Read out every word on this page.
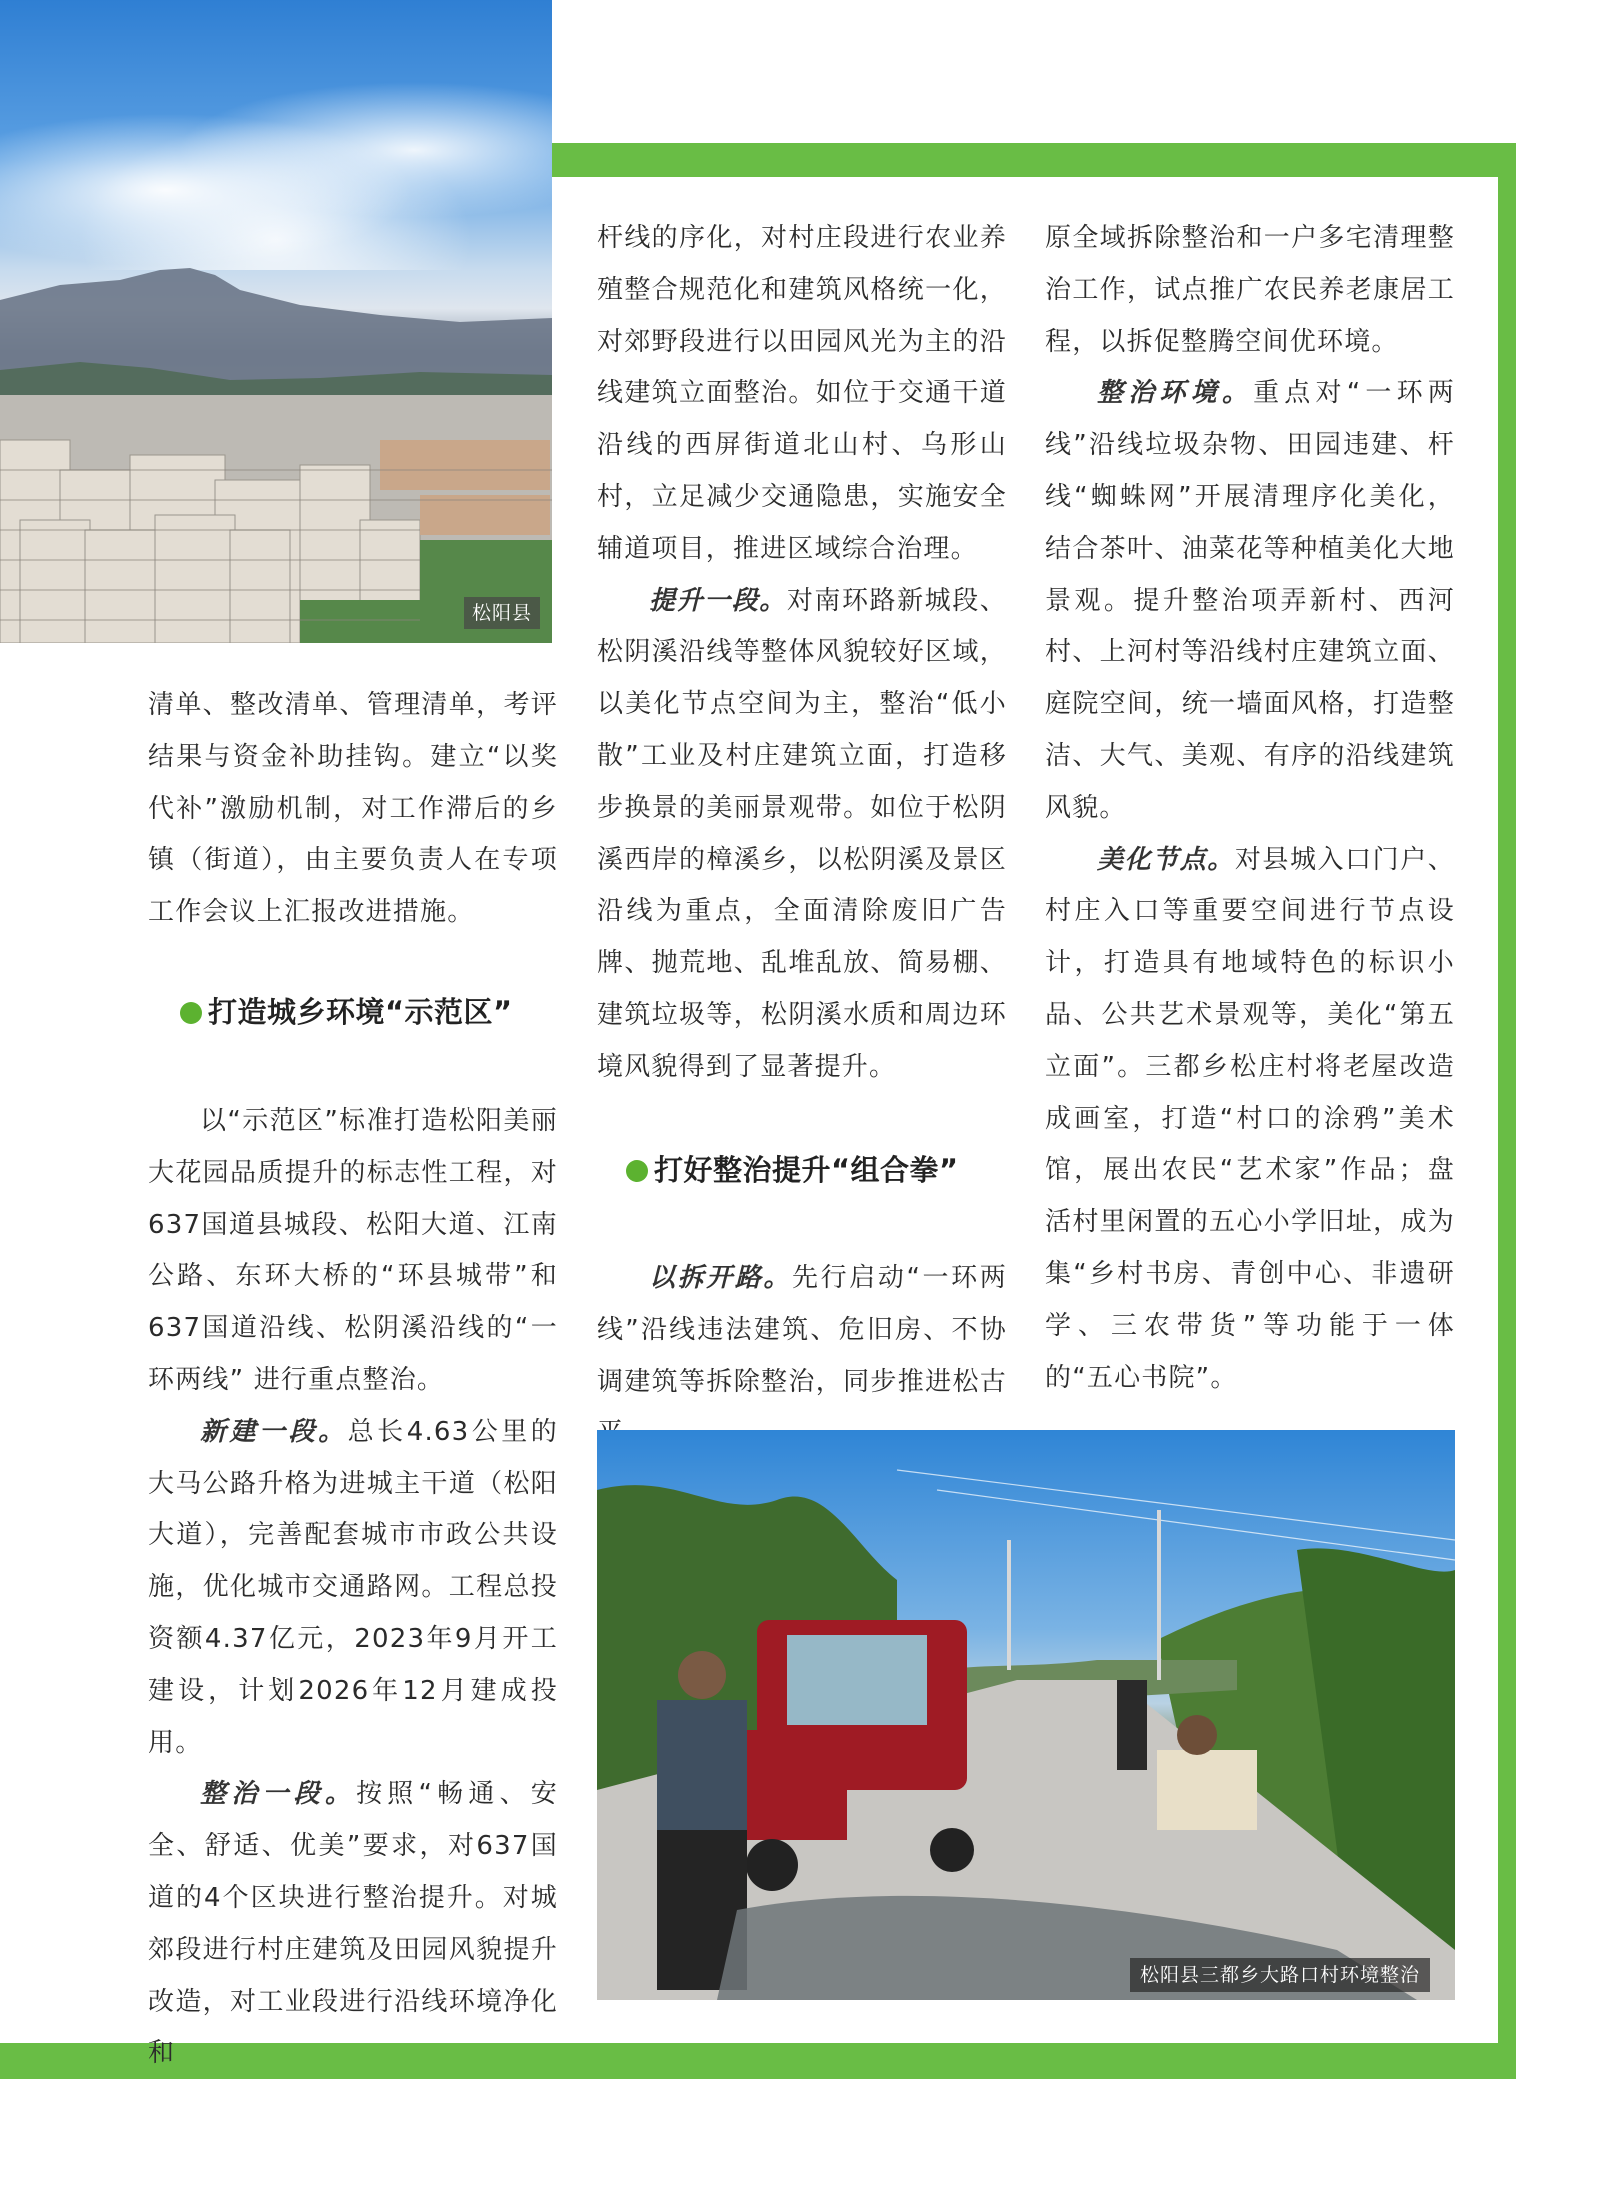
松阳县

清单、整改清单、管理清单，考评结果与资金补助挂钩。建立“以奖代补”激励机制，对工作滞后的乡镇（街道），由主要负责人在专项工作会议上汇报改进措施。

打造城乡环境“示范区”

以“示范区”标准打造松阳美丽大花园品质提升的标志性工程，对637国道县城段、松阳大道、江南公路、东环大桥的“环县城带”和637国道沿线、松阴溪沿线的“一环两线” 进行重点整治。

新建一段。总长4.63公里的大马公路升格为进城主干道（松阳大道），完善配套城市市政公共设施，优化城市交通路网。工程总投资额4.37亿元，2023年9月开工建设，计划2026年12月建成投用。

整治一段。按照“畅通、安全、舒适、优美”要求，对637国道的4个区块进行整治提升。对城郊段进行村庄建筑及田园风貌提升改造，对工业段进行沿线环境净化和

杆线的序化，对村庄段进行农业养殖整合规范化和建筑风格统一化，对郊野段进行以田园风光为主的沿线建筑立面整治。如位于交通干道沿线的西屏街道北山村、乌形山村，立足减少交通隐患，实施安全辅道项目，推进区域综合治理。

提升一段。对南环路新城段、松阴溪沿线等整体风貌较好区域，以美化节点空间为主，整治“低小散”工业及村庄建筑立面，打造移步换景的美丽景观带。如位于松阴溪西岸的樟溪乡，以松阴溪及景区沿线为重点，全面清除废旧广告牌、抛荒地、乱堆乱放、简易棚、建筑垃圾等，松阴溪水质和周边环境风貌得到了显著提升。

打好整治提升“组合拳”

以拆开路。先行启动“一环两线”沿线违法建筑、危旧房、不协调建筑等拆除整治，同步推进松古

原全域拆除整治和一户多宅清理整治工作，试点推广农民养老康居工程，以拆促整腾空间优环境。

整治环境。重点对“一环两线”沿线垃圾杂物、田园违建、杆线“蜘蛛网”开展清理序化美化，结合茶叶、油菜花等种植美化大地景观。提升整治项弄新村、西河村、上河村等沿线村庄建筑立面、庭院空间，统一墙面风格，打造整洁、大气、美观、有序的沿线建筑风貌。

美化节点。对县城入口门户、村庄入口等重要空间进行节点设计，打造具有地域特色的标识小品、公共艺术景观等，美化“第五立面”。三都乡松庄村将老屋改造成画室，打造“村口的涂鸦”美术馆，展出农民“艺术家”作品；盘活村里闲置的五心小学旧址，成为集“乡村书房、青创中心、非遗研学、三农带货”等功能于一体的“五心书院”。

松阳县三都乡大路口村环境整治
